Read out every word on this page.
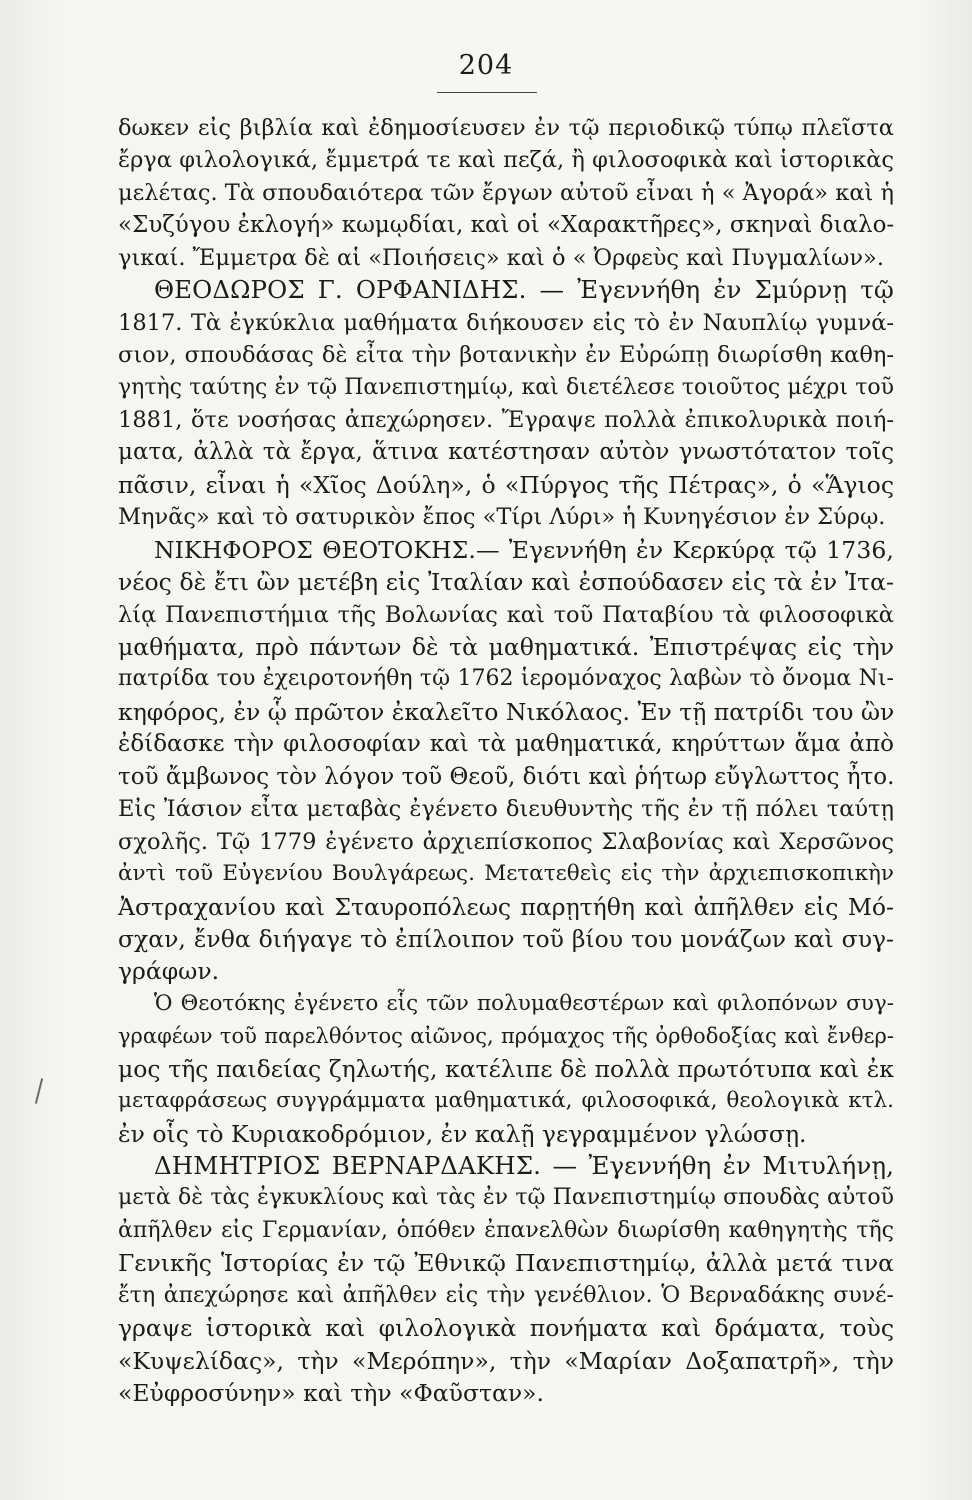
204
δωκεν εἰς βιβλία καὶ ἐδημοσίευσεν ἐν τῷ περιοδικῷ τύπῳ πλεῖστα
ἔργα φιλολογικά, ἔμμετρά τε καὶ πεζά, ἢ φιλοσοφικὰ καὶ ἱστορικὰς
μελέτας. Τὰ σπουδαιότερα τῶν ἔργων αὐτοῦ εἶναι ἡ « Ἀγορά» καὶ ἡ
«Συζύγου ἐκλογή» κωμῳδίαι, καὶ οἱ «Χαρακτῆρες», σκηναὶ διαλο-
γικαί. Ἔμμετρα δὲ αἱ «Ποιήσεις» καὶ ὁ « Ὀρφεὺς καὶ Πυγμαλίων».
ΘΕΟΔΩΡΟΣ Γ. ΟΡΦΑΝΙΔΗΣ. — Ἐγεννήθη ἐν Σμύρνῃ τῷ
1817. Τὰ ἐγκύκλια μαθήματα διήκουσεν εἰς τὸ ἐν Ναυπλίῳ γυμνά-
σιον, σπουδάσας δὲ εἶτα τὴν βοτανικὴν ἐν Εὐρώπῃ διωρίσθη καθη-
γητὴς ταύτης ἐν τῷ Πανεπιστημίῳ, καὶ διετέλεσε τοιοῦτος μέχρι τοῦ
1881, ὅτε νοσήσας ἀπεχώρησεν. Ἔγραψε πολλὰ ἐπικολυρικὰ ποιή-
ματα, ἀλλὰ τὰ ἔργα, ἅτινα κατέστησαν αὐτὸν γνωστότατον τοῖς
πᾶσιν, εἶναι ἡ «Χῖος Δούλη», ὁ «Πύργος τῆς Πέτρας», ὁ «Ἅγιος
Μηνᾶς» καὶ τὸ σατυρικὸν ἔπος «Τίρι Λύρι» ἡ Κυνηγέσιον ἐν Σύρῳ.
ΝΙΚΗΦΟΡΟΣ ΘΕΟΤΟΚΗΣ.— Ἐγεννήθη ἐν Κερκύρᾳ τῷ 1736,
νέος δὲ ἔτι ὢν μετέβη εἰς Ἰταλίαν καὶ ἐσπούδασεν εἰς τὰ ἐν Ἰτα-
λίᾳ Πανεπιστήμια τῆς Βολωνίας καὶ τοῦ Παταβίου τὰ φιλοσοφικὰ
μαθήματα, πρὸ πάντων δὲ τὰ μαθηματικά. Ἐπιστρέψας εἰς τὴν
πατρίδα του ἐχειροτονήθη τῷ 1762 ἱερομόναχος λαβὼν τὸ ὄνομα Νι-
κηφόρος, ἐν ᾧ πρῶτον ἐκαλεῖτο Νικόλαος. Ἐν τῇ πατρίδι του ὢν
ἐδίδασκε τὴν φιλοσοφίαν καὶ τὰ μαθηματικά, κηρύττων ἅμα ἀπὸ
τοῦ ἄμβωνος τὸν λόγον τοῦ Θεοῦ, διότι καὶ ῥήτωρ εὔγλωττος ἦτο.
Εἰς Ἰάσιον εἶτα μεταβὰς ἐγένετο διευθυντὴς τῆς ἐν τῇ πόλει ταύτῃ
σχολῆς. Τῷ 1779 ἐγένετο ἀρχιεπίσκοπος Σλαβονίας καὶ Χερσῶνος
ἀντὶ τοῦ Εὐγενίου Βουλγάρεως. Μετατεθεὶς εἰς τὴν ἀρχιεπισκοπικὴν
Ἀστραχανίου καὶ Σταυροπόλεως παρῃτήθη καὶ ἀπῆλθεν εἰς Μό-
σχαν, ἔνθα διήγαγε τὸ ἐπίλοιπον τοῦ βίου του μονάζων καὶ συγ-
γράφων.
Ὁ Θεοτόκης ἐγένετο εἷς τῶν πολυμαθεστέρων καὶ φιλοπόνων συγ-
γραφέων τοῦ παρελθόντος αἰῶνος, πρόμαχος τῆς ὀρθοδοξίας καὶ ἔνθερ-
μος τῆς παιδείας ζηλωτής, κατέλιπε δὲ πολλὰ πρωτότυπα καὶ ἐκ
μεταφράσεως συγγράμματα μαθηματικά, φιλοσοφικά, θεολογικὰ κτλ.
ἐν οἷς τὸ Κυριακοδρόμιον, ἐν καλῇ γεγραμμένον γλώσσῃ.
ΔΗΜΗΤΡΙΟΣ ΒΕΡΝΑΡΔΑΚΗΣ. — Ἐγεννήθη ἐν Μιτυλήνῃ,
μετὰ δὲ τὰς ἐγκυκλίους καὶ τὰς ἐν τῷ Πανεπιστημίῳ σπουδὰς αὐτοῦ
ἀπῆλθεν εἰς Γερμανίαν, ὁπόθεν ἐπανελθὼν διωρίσθη καθηγητὴς τῆς
Γενικῆς Ἱστορίας ἐν τῷ Ἐθνικῷ Πανεπιστημίῳ, ἀλλὰ μετά τινα
ἔτη ἀπεχώρησε καὶ ἀπῆλθεν εἰς τὴν γενέθλιον. Ὁ Βερναδάκης συνέ-
γραψε ἱστορικὰ καὶ φιλολογικὰ πονήματα καὶ δράματα, τοὺς
«Κυψελίδας», τὴν «Μερόπην», τὴν «Μαρίαν Δοξαπατρῆ», τὴν
«Εὐφροσύνην» καὶ τὴν «Φαῦσταν».
